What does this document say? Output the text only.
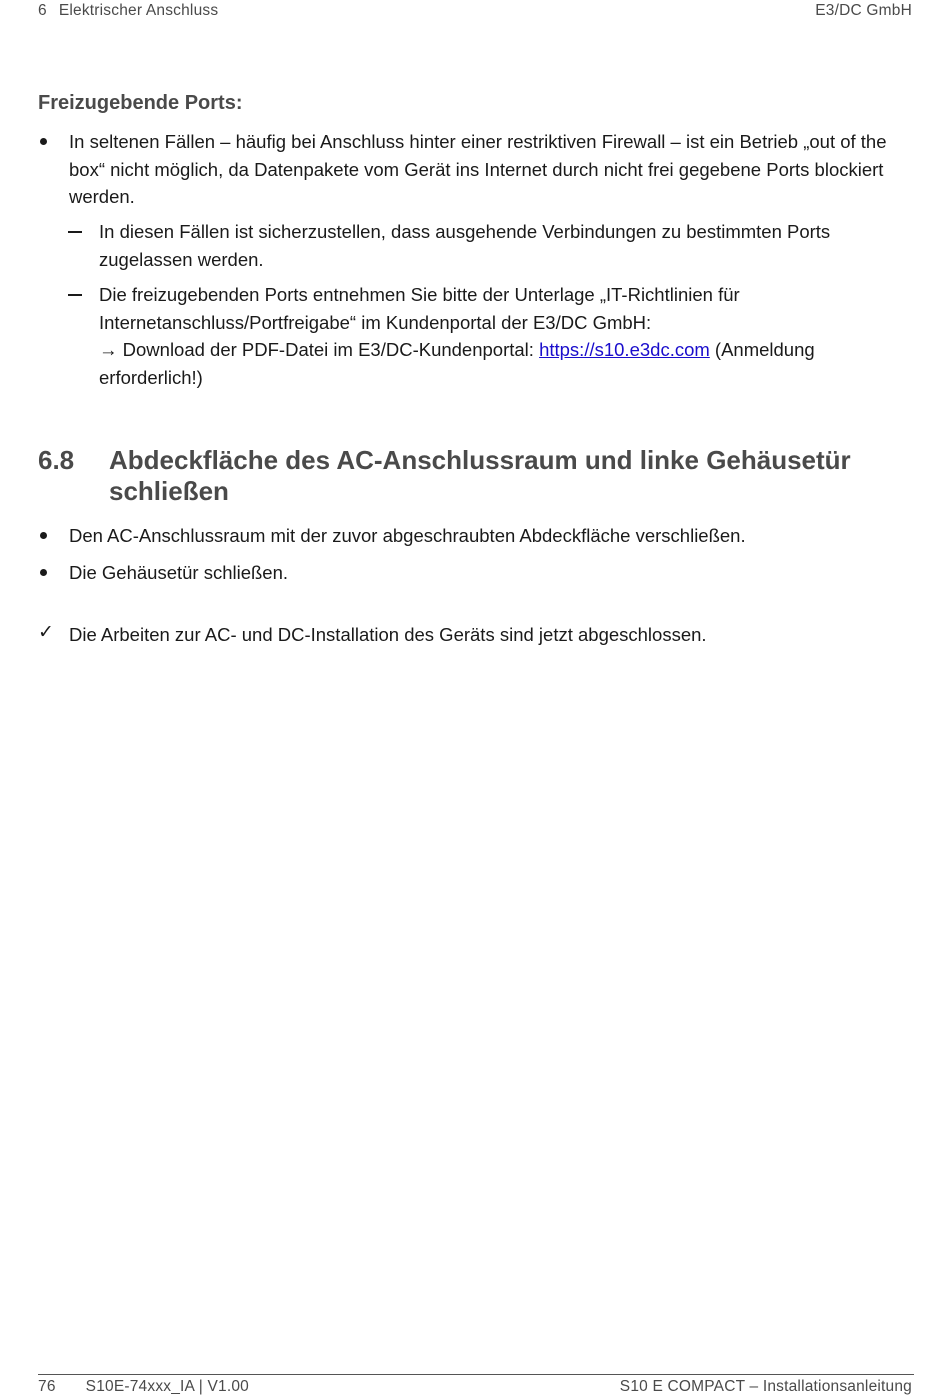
6 Elektrischer Anschluss	E3/DC GmbH
Freizugebende Ports:
In seltenen Fällen – häufig bei Anschluss hinter einer restriktiven Firewall – ist ein Betrieb „out of the box“ nicht möglich, da Datenpakete vom Gerät ins Internet durch nicht frei gegebene Ports blockiert werden.
In diesen Fällen ist sicherzustellen, dass ausgehende Verbindungen zu bestimmten Ports zugelassen werden.
Die freizugebenden Ports entnehmen Sie bitte der Unterlage „IT-Richtlinien für Internetanschluss/Portfreigabe“ im Kundenportal der E3/DC GmbH:
→ Download der PDF-Datei im E3/DC-Kundenportal: https://s10.e3dc.com (Anmeldung erforderlich!)
6.8 Abdeckfläche des AC-Anschlussraum und linke Gehäusetür schließen
Den AC-Anschlussraum mit der zuvor abgeschraubten Abdeckfläche verschließen.
Die Gehäusetür schließen.
✓ Die Arbeiten zur AC- und DC-Installation des Geräts sind jetzt abgeschlossen.
76 S10E-74xxx_IA | V1.00	S10 E COMPACT – Installationsanleitung
